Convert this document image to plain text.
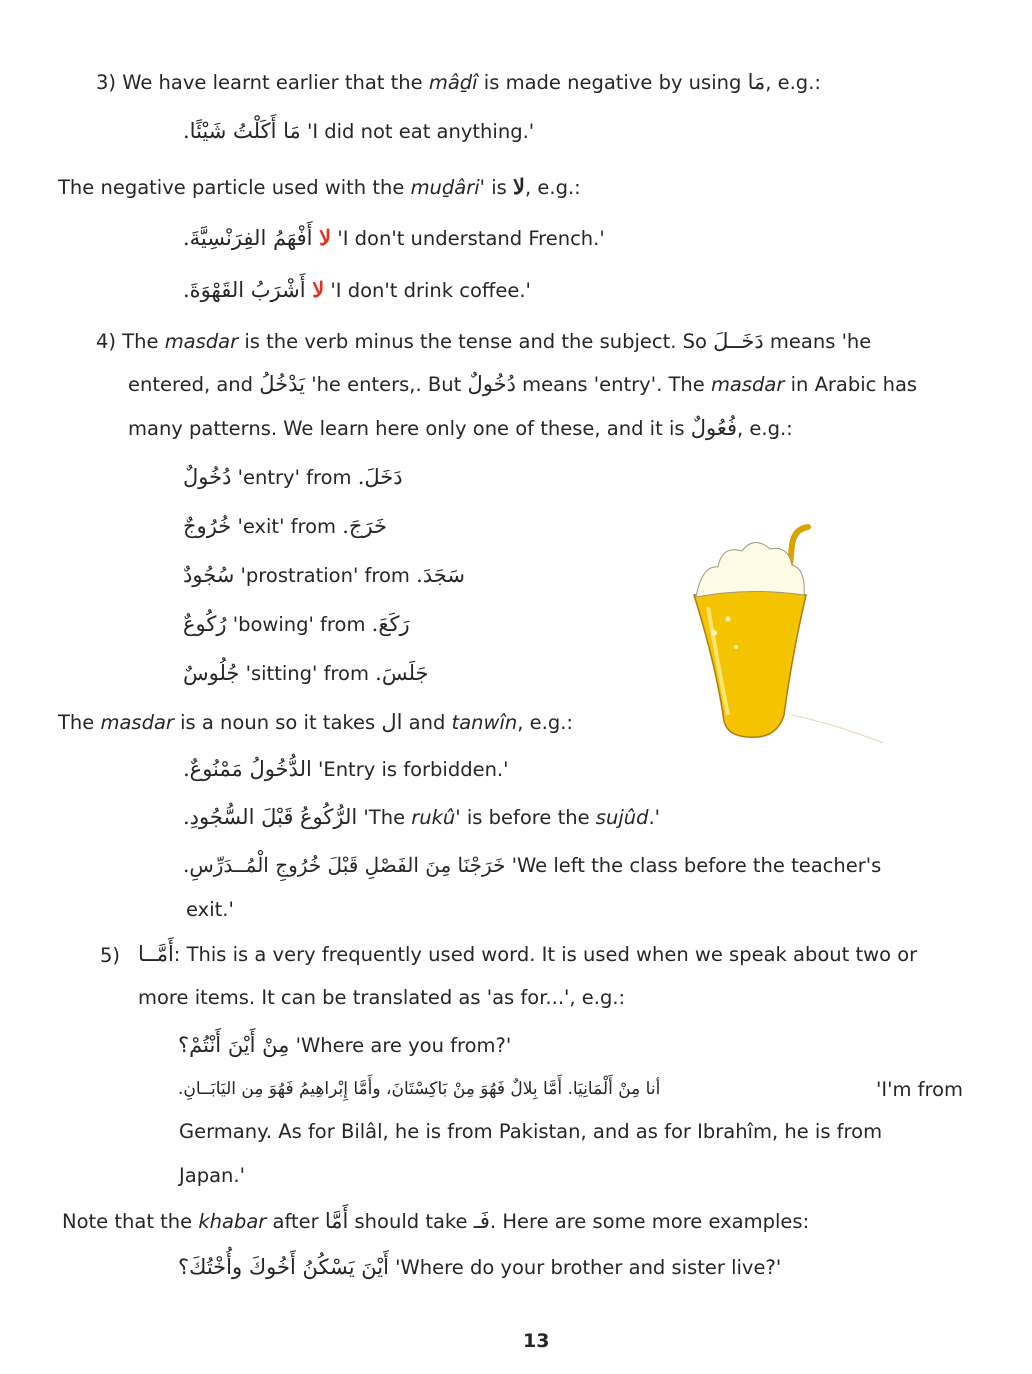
3) We have learnt earlier that the mâḏî is made negative by using مَا, e.g.:
مَا أَكَلْتُ شَيْئًا. 'I did not eat anything.'
The negative particle used with the muḏâri' is لا, e.g.:
لا أَفْهَمُ الفِرَنْسِيَّةَ. 'I don't understand French.'
لا أَشْرَبُ القَهْوَةَ. 'I don't drink coffee.'
4) The masdar is the verb minus the tense and the subject. So دَخَــلَ means 'he
entered, and يَدْخُلُ 'he enters,. But دُخُولٌ means 'entry'. The masdar in Arabic has
many patterns. We learn here only one of these, and it is فُعُولٌ, e.g.:
دُخُولٌ 'entry' from دَخَلَ.
خُرُوجٌ 'exit' from خَرَجَ.
سُجُودٌ 'prostration' from سَجَدَ.
رُكُوعٌ 'bowing' from رَكَعَ.
جُلُوسٌ 'sitting' from جَلَسَ.
The masdar is a noun so it takes ال and tanwîn, e.g.:
الدُّخُولُ مَمْنُوعٌ. 'Entry is forbidden.'
الرُّكُوعُ قَبْلَ السُّجُودِ. 'The rukû' is before the sujûd.'
خَرَجْنَا مِنَ الفَصْلِ قَبْلَ خُرُوجِ الْمُــدَرِّسِ. 'We left the class before the teacher's
exit.'
5) أَمَّــا: This is a very frequently used word. It is used when we speak about two or
more items. It can be translated as 'as for...', e.g.:
مِنْ أَيْنَ أَنْتُمْ؟ 'Where are you from?'
أنا مِنْ أَلْمَانِيَا. أَمَّا بِلالٌ فَهُوَ مِنْ بَاكِسْتَانَ، وأَمَّا إِبْراهِيمُ فَهُوَ مِن اليَابَــانِ.	'I'm from
Germany. As for Bilâl, he is from Pakistan, and as for Ibrahîm, he is from
Japan.'
Note that the khabar after أَمَّا should take فَـ. Here are some more examples:
أَيْنَ يَسْكُنُ أَخُوكَ وأُخْتُكَ؟ 'Where do your brother and sister live?'
13
